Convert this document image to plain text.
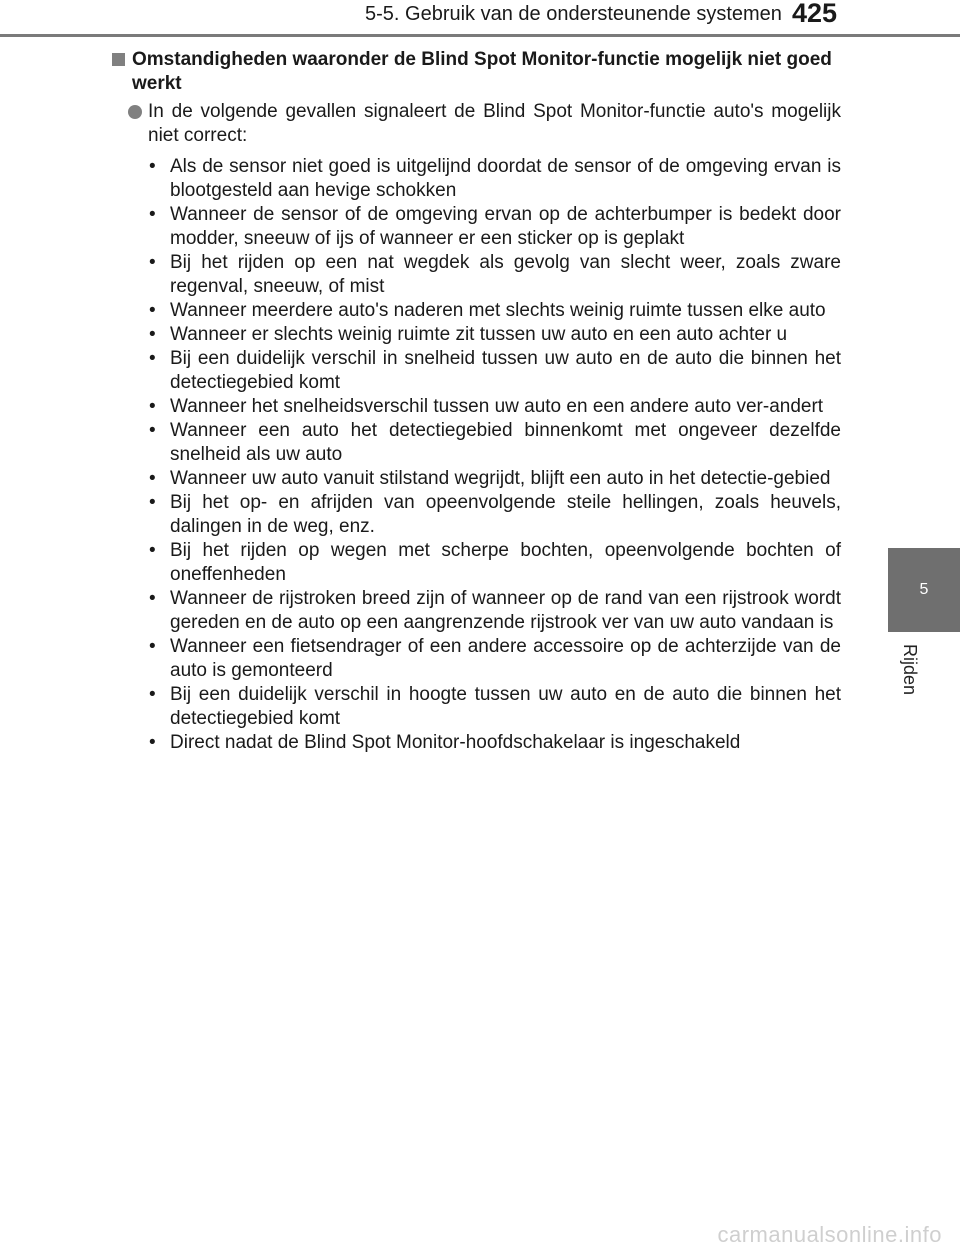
5-5. Gebruik van de ondersteunende systemen 425
5
Rijden
Omstandigheden waaronder de Blind Spot Monitor-functie mogelijk niet goed werkt
In de volgende gevallen signaleert de Blind Spot Monitor-functie auto's mogelijk niet correct:
• Als de sensor niet goed is uitgelijnd doordat de sensor of de omgeving ervan is blootgesteld aan hevige schokken
• Wanneer de sensor of de omgeving ervan op de achterbumper is bedekt door modder, sneeuw of ijs of wanneer er een sticker op is geplakt
• Bij het rijden op een nat wegdek als gevolg van slecht weer, zoals zware regenval, sneeuw, of mist
• Wanneer meerdere auto's naderen met slechts weinig ruimte tussen elke auto
• Wanneer er slechts weinig ruimte zit tussen uw auto en een auto achter u
• Bij een duidelijk verschil in snelheid tussen uw auto en de auto die binnen het detectiegebied komt
• Wanneer het snelheidsverschil tussen uw auto en een andere auto ver-andert
• Wanneer een auto het detectiegebied binnenkomt met ongeveer dezelfde snelheid als uw auto
• Wanneer uw auto vanuit stilstand wegrijdt, blijft een auto in het detectie-gebied
• Bij het op- en afrijden van opeenvolgende steile hellingen, zoals heuvels, dalingen in de weg, enz.
• Bij het rijden op wegen met scherpe bochten, opeenvolgende bochten of oneffenheden
• Wanneer de rijstroken breed zijn of wanneer op de rand van een rijstrook wordt gereden en de auto op een aangrenzende rijstrook ver van uw auto vandaan is
• Wanneer een fietsendrager of een andere accessoire op de achterzijde van de auto is gemonteerd
• Bij een duidelijk verschil in hoogte tussen uw auto en de auto die binnen het detectiegebied komt
• Direct nadat de Blind Spot Monitor-hoofdschakelaar is ingeschakeld
carmanualsonline.info
